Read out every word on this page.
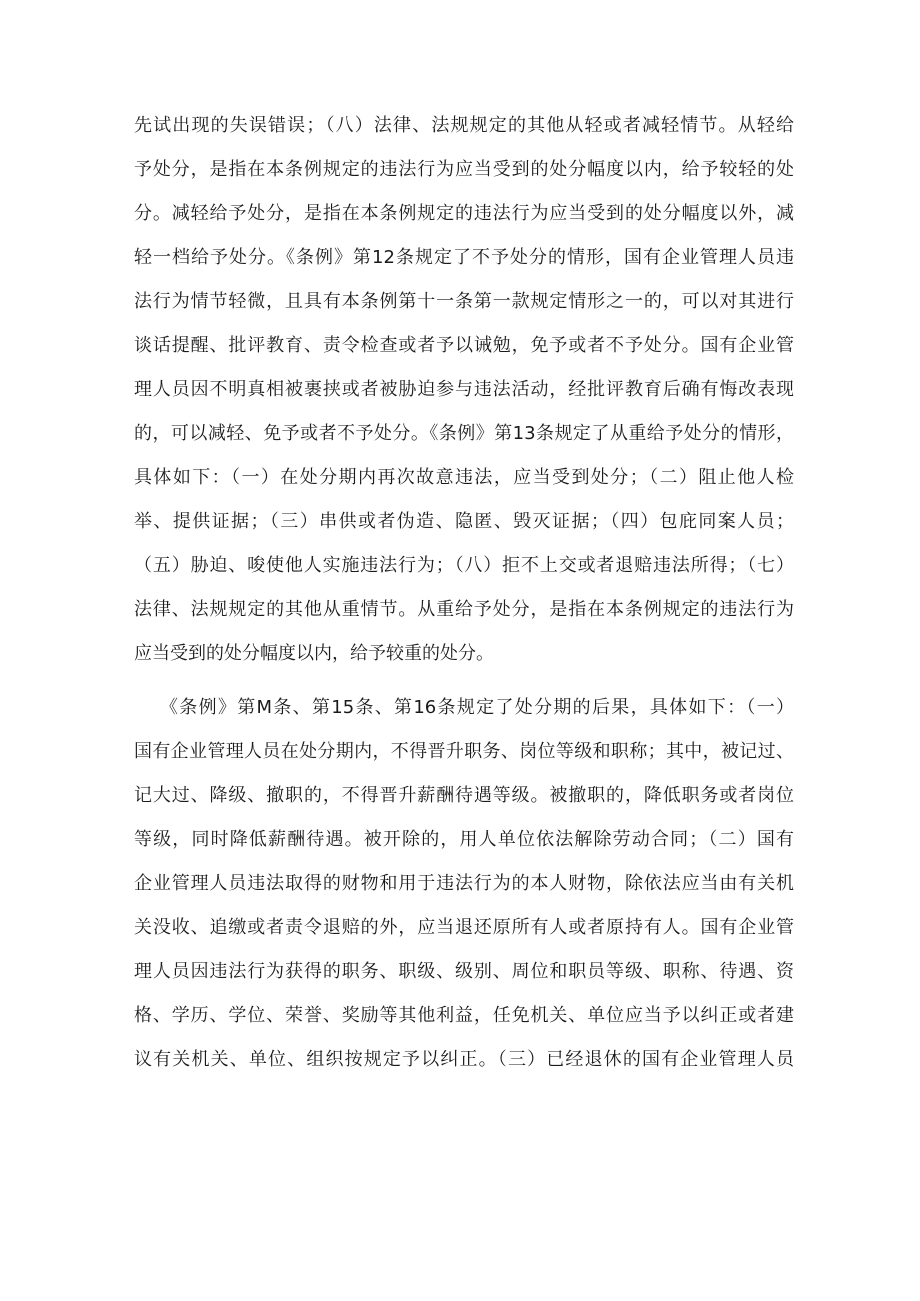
先试出现的失误错误；（八）法律、法规规定的其他从轻或者减轻情节。从轻给
予处分，是指在本条例规定的违法行为应当受到的处分幅度以内，给予较轻的处
分。减轻给予处分，是指在本条例规定的违法行为应当受到的处分幅度以外，减
轻一档给予处分。《条例》第12条规定了不予处分的情形，国有企业管理人员违
法行为情节轻微，且具有本条例第十一条第一款规定情形之一的，可以对其进行
谈话提醒、批评教育、责令检查或者予以诫勉，免予或者不予处分。国有企业管
理人员因不明真相被裹挟或者被胁迫参与违法活动，经批评教育后确有悔改表现
的，可以减轻、免予或者不予处分。《条例》第13条规定了从重给予处分的情形，
具体如下：（一）在处分期内再次故意违法，应当受到处分；（二）阻止他人检
举、提供证据；（三）串供或者伪造、隐匿、毁灭证据；（四）包庇同案人员；
（五）胁迫、唆使他人实施违法行为；（八）拒不上交或者退赔违法所得；（七）
法律、法规规定的其他从重情节。从重给予处分，是指在本条例规定的违法行为
应当受到的处分幅度以内，给予较重的处分。
《条例》第M条、第15条、第16条规定了处分期的后果，具体如下：（一）
国有企业管理人员在处分期内，不得晋升职务、岗位等级和职称；其中，被记过、
记大过、降级、撤职的，不得晋升薪酬待遇等级。被撤职的，降低职务或者岗位
等级，同时降低薪酬待遇。被开除的，用人单位依法解除劳动合同；（二）国有
企业管理人员违法取得的财物和用于违法行为的本人财物，除依法应当由有关机
关没收、追缴或者责令退赔的外，应当退还原所有人或者原持有人。国有企业管
理人员因违法行为获得的职务、职级、级别、周位和职员等级、职称、待遇、资
格、学历、学位、荣誉、奖励等其他利益，任免机关、单位应当予以纠正或者建
议有关机关、单位、组织按规定予以纠正。（三）已经退休的国有企业管理人员
